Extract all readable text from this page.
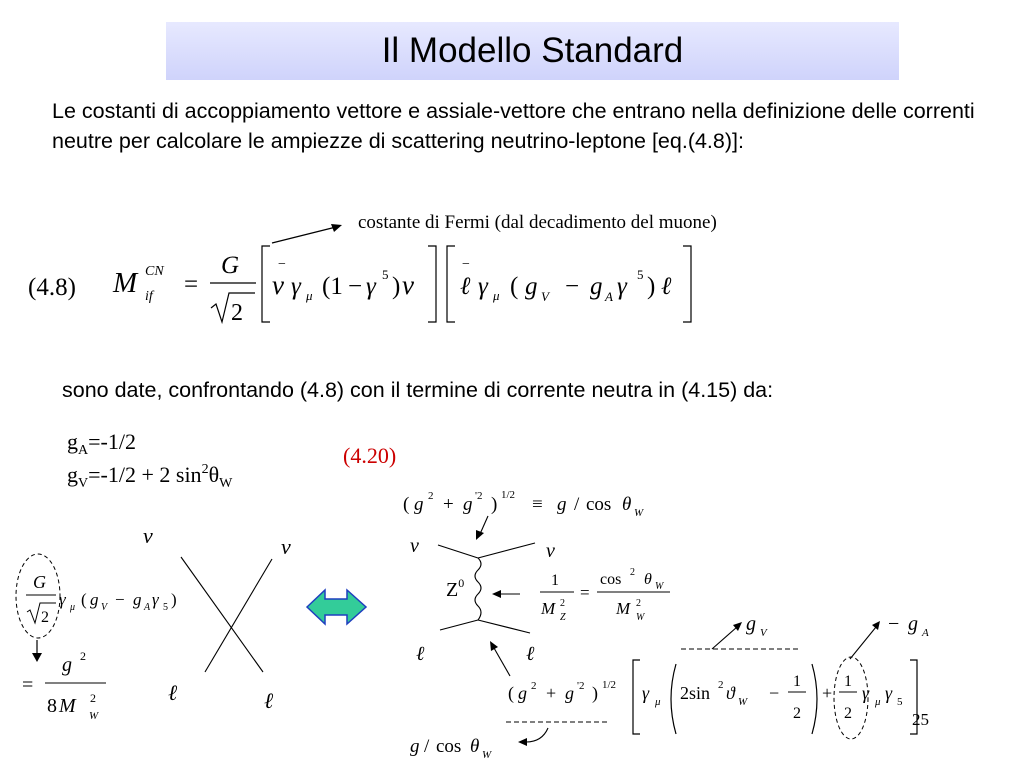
Il Modello Standard
Le costanti di accoppiamento vettore e assiale-vettore che entrano nella definizione delle correnti neutre per calcolare le ampiezze di scattering neutrino-leptone [eq.(4.8)]:
costante di Fermi (dal decadimento del muone)
(4.8) M CN
if =
G
2
−
ν γ μ (1 − γ 5 ) ν
−
ℓ γ μ ( g V − g A γ 5 ) ℓ
$g_A=-1/2$
$g_V=-1/2 + 2$ $\sin^2\theta_W$
(4.20)
ν	ν
ℓ	ℓ
G
2
γ μ ( g V − g A γ 5 )
=
g 2
8 M 2
W
( g 2 + g '2 ) 1/2 ≡ g / cos θ W
ν	ν
$Z^0$
ℓ	ℓ
1
M 2
Z
=
cos 2 θ W
M 2
W	g V	− g A
( g 2 + g '2 ) 1/2 γ μ 2sin 2 ϑ W −
1
2
+
1
2
γ μ γ 5
g / cos θ W
sono date, confrontando (4.8) con il termine di corrente neutra in (4.15) da:
25
